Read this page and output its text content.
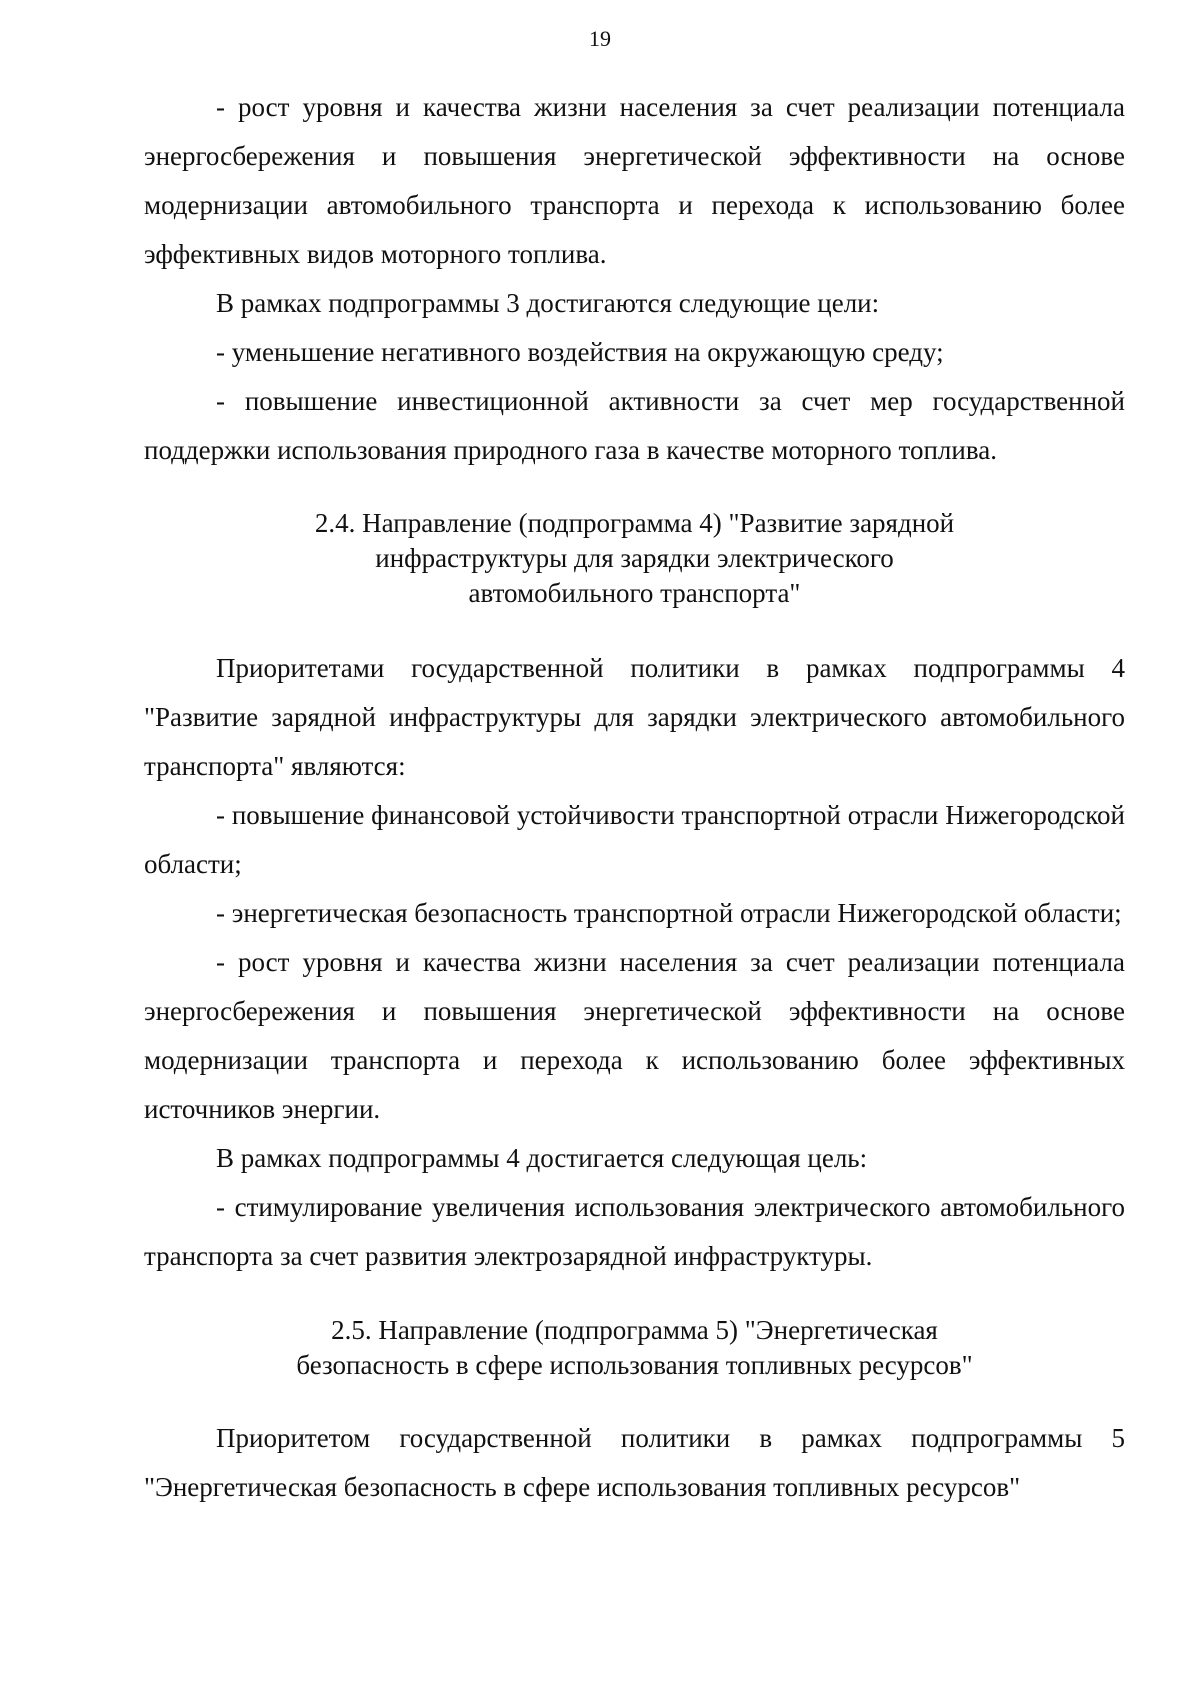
19

- рост уровня и качества жизни населения за счет реализации потенциала энергосбережения и повышения энергетической эффективности на основе модернизации автомобильного транспорта и перехода к использованию более эффективных видов моторного топлива.

В рамках подпрограммы 3 достигаются следующие цели:

- уменьшение негативного воздействия на окружающую среду;

- повышение инвестиционной активности за счет мер государственной поддержки использования природного газа в качестве моторного топлива.

2.4. Направление (подпрограмма 4) "Развитие зарядной инфраструктуры для зарядки электрического автомобильного транспорта"

Приоритетами государственной политики в рамках подпрограммы 4 "Развитие зарядной инфраструктуры для зарядки электрического автомобильного транспорта" являются:

- повышение финансовой устойчивости транспортной отрасли Нижегородской области;

- энергетическая безопасность транспортной отрасли Нижегородской области;

- рост уровня и качества жизни населения за счет реализации потенциала энергосбережения и повышения энергетической эффективности на основе модернизации транспорта и перехода к использованию более эффективных источников энергии.

В рамках подпрограммы 4 достигается следующая цель:

- стимулирование увеличения использования электрического автомобильного транспорта за счет развития электрозарядной инфраструктуры.

2.5. Направление (подпрограмма 5) "Энергетическая безопасность в сфере использования топливных ресурсов"

Приоритетом государственной политики в рамках подпрограммы 5 "Энергетическая безопасность в сфере использования топливных ресурсов"
